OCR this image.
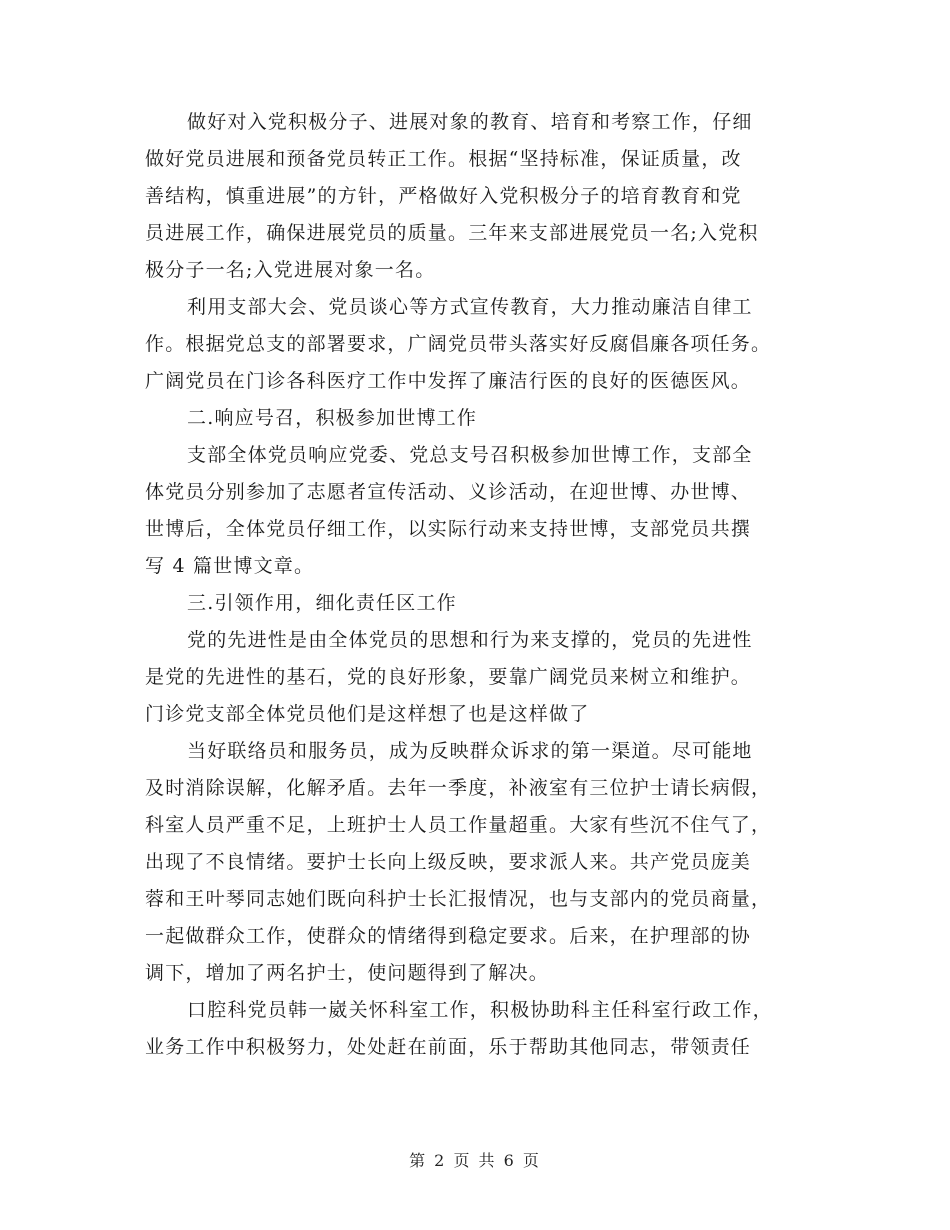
做好对入党积极分子、进展对象的教育、培育和考察工作，仔细
做好党员进展和预备党员转正工作。根据“坚持标准，保证质量，改
善结构，慎重进展”的方针，严格做好入党积极分子的培育教育和党
员进展工作，确保进展党员的质量。三年来支部进展党员一名;入党积
极分子一名;入党进展对象一名。

利用支部大会、党员谈心等方式宣传教育，大力推动廉洁自律工
作。根据党总支的部署要求，广阔党员带头落实好反腐倡廉各项任务。
广阔党员在门诊各科医疗工作中发挥了廉洁行医的良好的医德医风。

二.响应号召，积极参加世博工作

支部全体党员响应党委、党总支号召积极参加世博工作，支部全
体党员分别参加了志愿者宣传活动、义诊活动，在迎世博、办世博、
世博后，全体党员仔细工作，以实际行动来支持世博，支部党员共撰
写 4 篇世博文章。

三.引领作用，细化责任区工作

党的先进性是由全体党员的思想和行为来支撑的，党员的先进性
是党的先进性的基石，党的良好形象，要靠广阔党员来树立和维护。
门诊党支部全体党员他们是这样想了也是这样做了

当好联络员和服务员，成为反映群众诉求的第一渠道。尽可能地
及时消除误解，化解矛盾。去年一季度，补液室有三位护士请长病假，
科室人员严重不足，上班护士人员工作量超重。大家有些沉不住气了，
出现了不良情绪。要护士长向上级反映，要求派人来。共产党员庞美
蓉和王叶琴同志她们既向科护士长汇报情况，也与支部内的党员商量，
一起做群众工作，使群众的情绪得到稳定要求。后来，在护理部的协
调下，增加了两名护士，使问题得到了解决。

口腔科党员韩一崴关怀科室工作，积极协助科主任科室行政工作，
业务工作中积极努力，处处赶在前面，乐于帮助其他同志，带领责任

第 2 页 共 6 页
